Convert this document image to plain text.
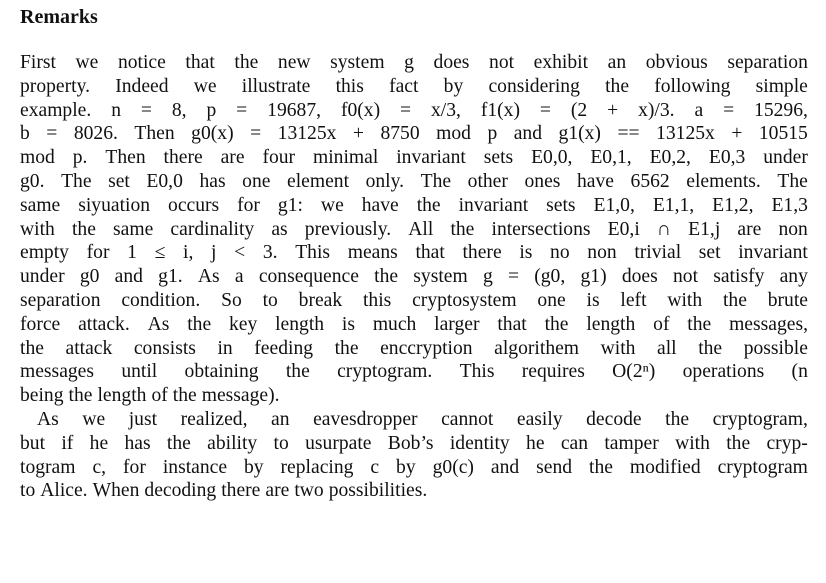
Remarks
First we notice that the new system g does not exhibit an obvious separation
property. Indeed we illustrate this fact by considering the following simple
example. n = 8, p = 19687, f0(x) = x/3, f1(x) = (2 + x)/3. a = 15296,
b = 8026. Then g0(x) = 13125x + 8750 mod p and g1(x) == 13125x + 10515
mod p. Then there are four minimal invariant sets E0,0, E0,1, E0,2, E0,3 under
g0. The set E0,0 has one element only. The other ones have 6562 elements. The
same siyuation occurs for g1: we have the invariant sets E1,0, E1,1, E1,2, E1,3
with the same cardinality as previously. All the intersections E0,i ∩ E1,j are non
empty for 1 ≤ i, j < 3. This means that there is no non trivial set invariant
under g0 and g1. As a consequence the system g = (g0, g1) does not satisfy any
separation condition. So to break this cryptosystem one is left with the brute
force attack. As the key length is much larger that the length of the messages,
the attack consists in feeding the enccryption algorithem with all the possible
messages until obtaining the cryptogram. This requires O(2ⁿ) operations (n
being the length of the message).
As we just realized, an eavesdropper cannot easily decode the cryptogram,
but if he has the ability to usurpate Bob’s identity he can tamper with the cryp-
togram c, for instance by replacing c by g0(c) and send the modified cryptogram
to Alice. When decoding there are two possibilities.
